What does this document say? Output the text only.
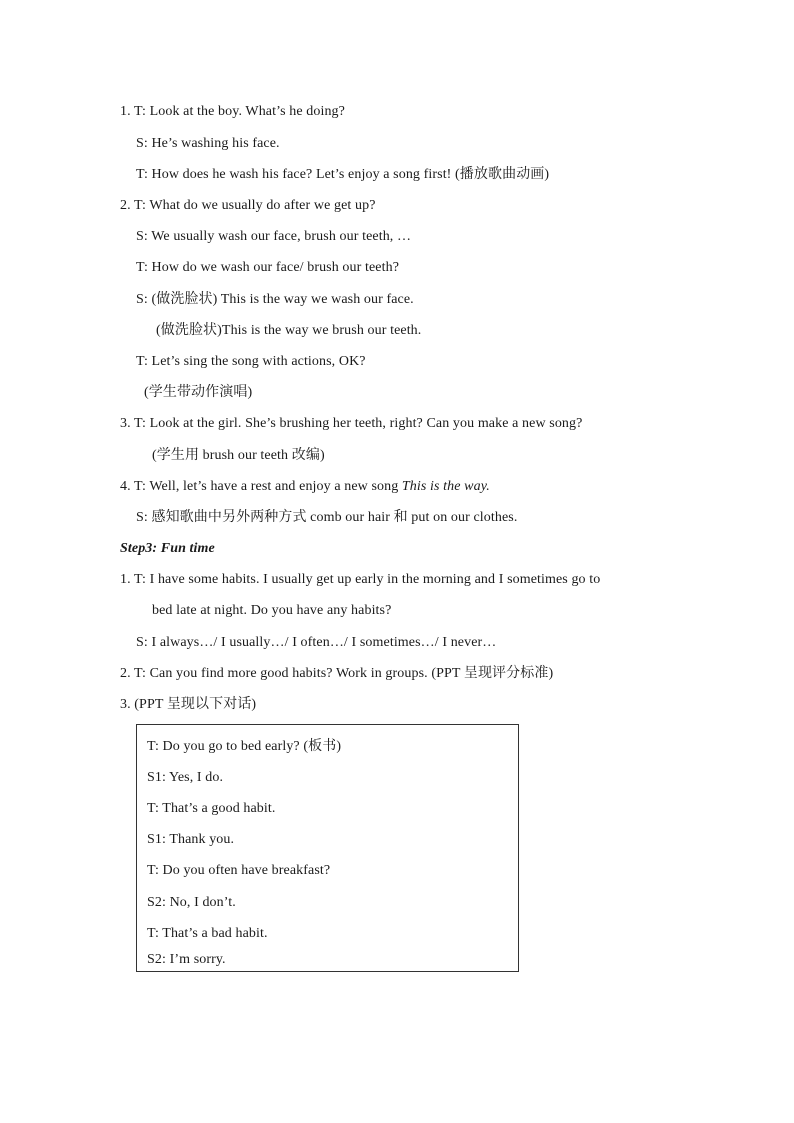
1. T: Look at the boy. What’s he doing?
S: He’s washing his face.
T: How does he wash his face? Let’s enjoy a song first! (播放歌曲动画)
2. T: What do we usually do after we get up?
S: We usually wash our face, brush our teeth, …
T: How do we wash our face/ brush our teeth?
S: (做洗脸状) This is the way we wash our face.
(做洗脸状)This is the way we brush our teeth.
T: Let’s sing the song with actions, OK?
(学生带动作演唱)
3. T: Look at the girl. She’s brushing her teeth, right? Can you make a new song?
(学生用 brush our teeth 改编)
4. T: Well, let’s have a rest and enjoy a new song This is the way.
S: 感知歌曲中另外两种方式 comb our hair 和 put on our clothes.
Step3: Fun time
1. T: I have some habits. I usually get up early in the morning and I sometimes go to
bed late at night. Do you have any habits?
S: I always…/ I usually…/ I often…/ I sometimes…/ I never…
2. T: Can you find more good habits? Work in groups. (PPT 呈现评分标准)
3. (PPT 呈现以下对话)
T: Do you go to bed early? (板书)
S1: Yes, I do.
T: That’s a good habit.
S1: Thank you.
T: Do you often have breakfast?
S2: No, I don’t.
T: That’s a bad habit.
S2: I’m sorry.
